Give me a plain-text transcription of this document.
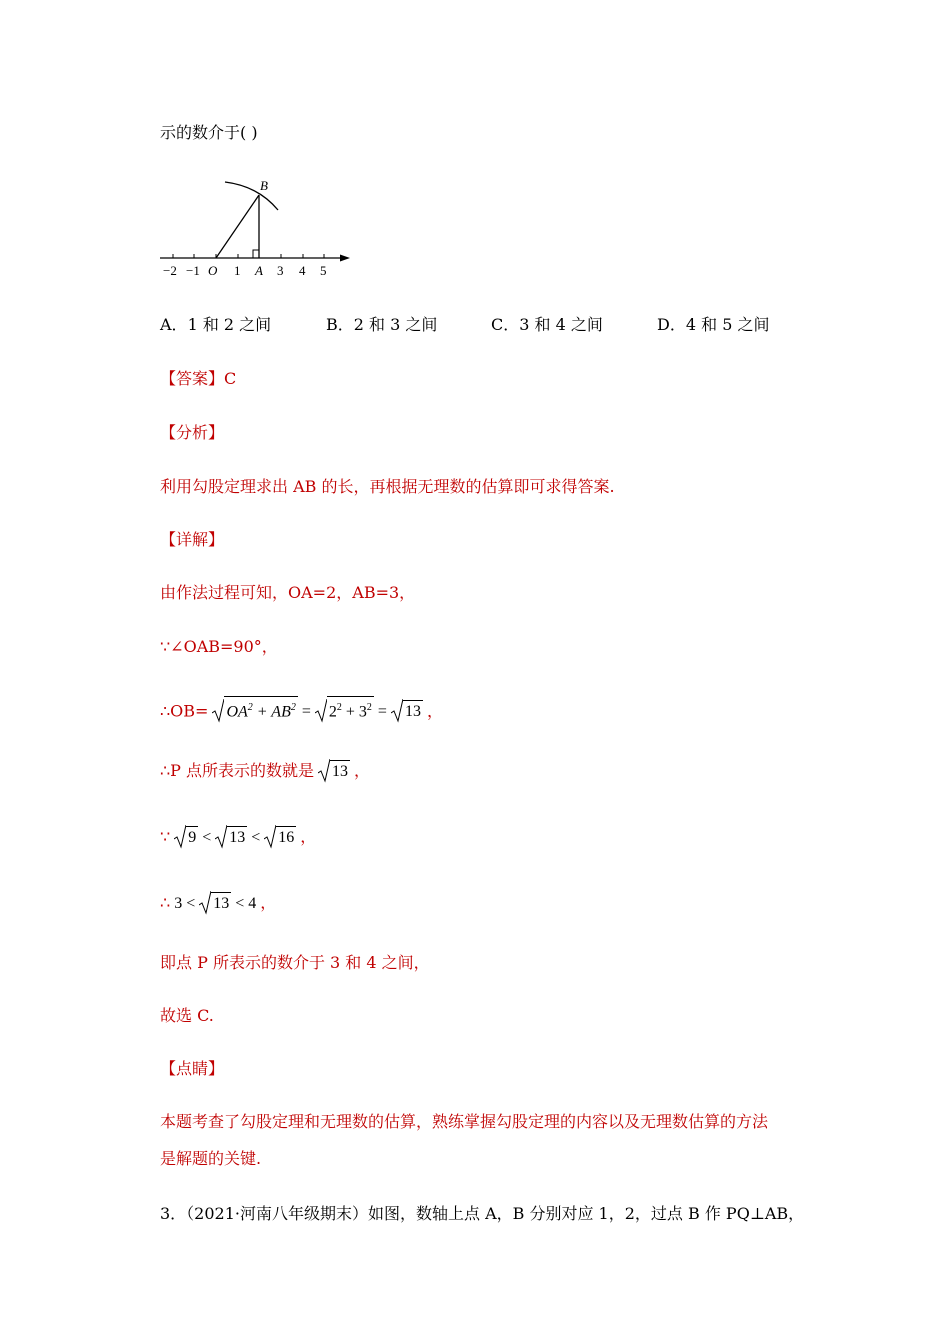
示的数介于( )
−2 −1 O 1 A 3 4 5
B
A．1 和 2 之间	B．2 和 3 之间	C．3 和 4 之间	D．4 和 5 之间
【答案】C
【分析】
利用勾股定理求出 AB 的长，再根据无理数的估算即可求得答案.
【详解】
由作法过程可知，OA=2，AB=3，
∵∠OAB=90°，
∴OB= $OA^2 + AB^2 = 2^2 + 3^2 = 13$ ，
∴P 点所表示的数就是 13 ，
∵ 9 <
13 <
16 ，
∴ 3 <
13 < 4 ，
即点 P 所表示的数介于 3 和 4 之间，
故选 C.
【点睛】
本题考查了勾股定理和无理数的估算，熟练掌握勾股定理的内容以及无理数估算的方法
是解题的关键.
3．（2021·河南八年级期末）如图，数轴上点 A，B 分别对应 1，2，过点 B 作 PQ⊥AB，
